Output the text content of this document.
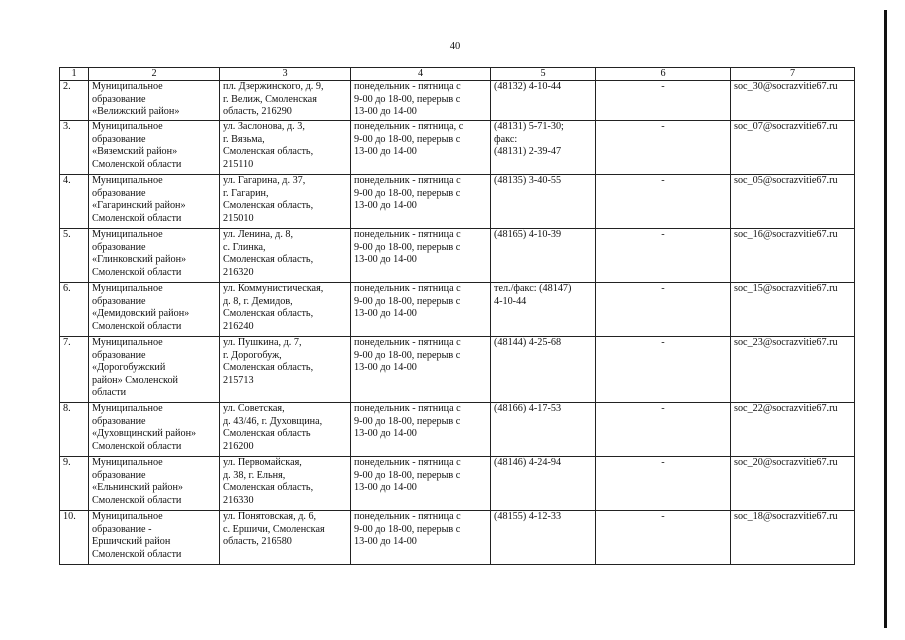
40
1	2	3	4	5	6	7
2.	Муниципальное
образование
«Велижский район»	пл. Дзержинского, д. 9,
г. Велиж, Смоленская
область, 216290	понедельник - пятница с
9-00 до 18-00, перерыв с
13-00 до 14-00	(48132) 4-10-44	-	soc_30@socrazvitie67.ru
3.	Муниципальное
образование
«Вяземский район»
Смоленской области	ул. Заслонова, д. 3,
г. Вязьма,
Смоленская область,
215110	понедельник - пятница, с
9-00 до 18-00, перерыв с
13-00 до 14-00	(48131) 5-71-30;
факс:
(48131) 2-39-47	-	soc_07@socrazvitie67.ru
4.	Муниципальное
образование
«Гагаринский район»
Смоленской области	ул. Гагарина, д. 37,
г. Гагарин,
Смоленская область,
215010	понедельник - пятница с
9-00 до 18-00, перерыв с
13-00 до 14-00	(48135) 3-40-55	-	soc_05@socrazvitie67.ru
5.	Муниципальное
образование
«Глинковский район»
Смоленской области	ул. Ленина, д. 8,
с. Глинка,
Смоленская область,
216320	понедельник - пятница с
9-00 до 18-00, перерыв с
13-00 до 14-00	(48165) 4-10-39	-	soc_16@socrazvitie67.ru
6.	Муниципальное
образование
«Демидовский район»
Смоленской области	ул. Коммунистическая,
д. 8, г. Демидов,
Смоленская область,
216240	понедельник - пятница с
9-00 до 18-00, перерыв с
13-00 до 14-00	тел./факс: (48147)
4-10-44	-	soc_15@socrazvitie67.ru
7.	Муниципальное
образование
«Дорогобужский
район» Смоленской
области	ул. Пушкина, д. 7,
г. Дорогобуж,
Смоленская область,
215713	понедельник - пятница с
9-00 до 18-00, перерыв с
13-00 до 14-00	(48144) 4-25-68	-	soc_23@socrazvitie67.ru
8.	Муниципальное
образование
«Духовщинский район»
Смоленской области	ул. Советская,
д. 43/46, г. Духовщина,
Смоленская область
216200	понедельник - пятница с
9-00 до 18-00, перерыв с
13-00 до 14-00	(48166) 4-17-53	-	soc_22@socrazvitie67.ru
9.	Муниципальное
образование
«Ельнинский район»
Смоленской области	ул. Первомайская,
д. 38, г. Ельня,
Смоленская область,
216330	понедельник - пятница с
9-00 до 18-00, перерыв с
13-00 до 14-00	(48146) 4-24-94	-	soc_20@socrazvitie67.ru
10.	Муниципальное
образование -
Ершичский район
Смоленской области	ул. Понятовская, д. 6,
с. Ершичи, Смоленская
область, 216580	понедельник - пятница с
9-00 до 18-00, перерыв с
13-00 до 14-00	(48155) 4-12-33	-	soc_18@socrazvitie67.ru
